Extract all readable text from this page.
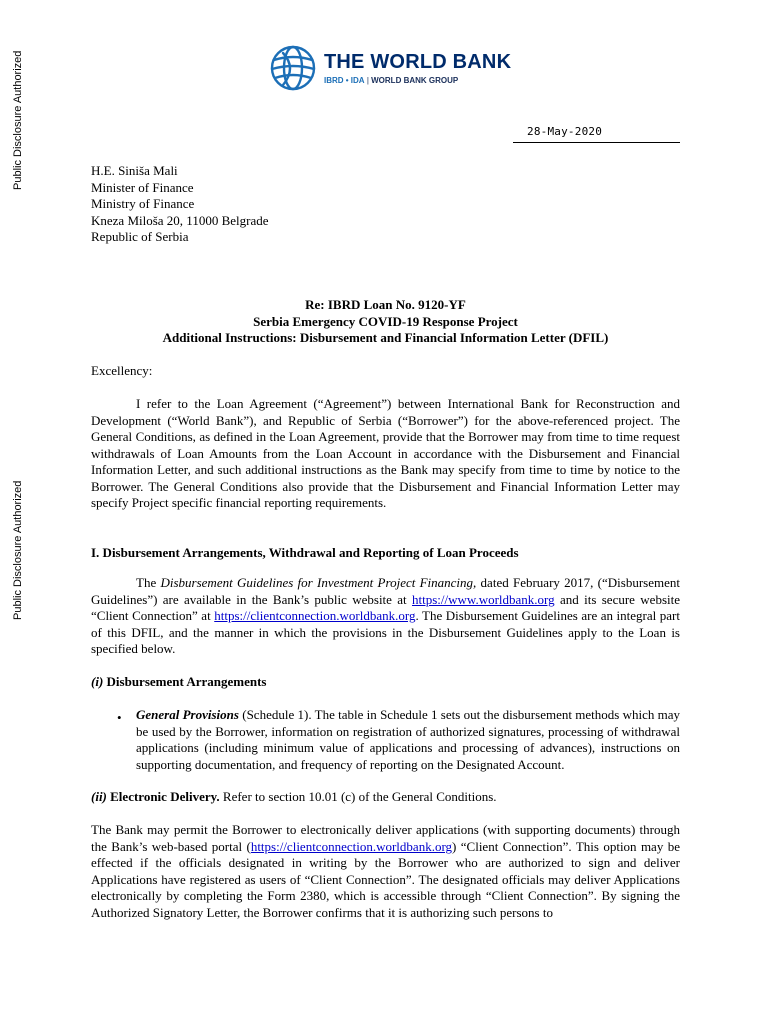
Public Disclosure Authorized
Public Disclosure Authorized
THE WORLD BANK
IBRD • IDA | WORLD BANK GROUP
28-May-2020
H.E. Siniša Mali
Minister of Finance
Ministry of Finance
Kneza Miloša 20, 11000 Belgrade
Republic of Serbia
Re: IBRD Loan No. 9120-YF
Serbia Emergency COVID-19 Response Project
Additional Instructions: Disbursement and Financial Information Letter (DFIL)
Excellency:
I refer to the Loan Agreement (“Agreement”) between International Bank for Reconstruction and Development (“World Bank”), and Republic of Serbia (“Borrower”) for the above-referenced project. The General Conditions, as defined in the Loan Agreement, provide that the Borrower may from time to time request withdrawals of Loan Amounts from the Loan Account in accordance with the Disbursement and Financial Information Letter, and such additional instructions as the Bank may specify from time to time by notice to the Borrower. The General Conditions also provide that the Disbursement and Financial Information Letter may specify Project specific financial reporting requirements.
I. Disbursement Arrangements, Withdrawal and Reporting of Loan Proceeds
The Disbursement Guidelines for Investment Project Financing, dated February 2017, (“Disbursement Guidelines”) are available in the Bank’s public website at https://www.worldbank.org and its secure website “Client Connection” at https://clientconnection.worldbank.org. The Disbursement Guidelines are an integral part of this DFIL, and the manner in which the provisions in the Disbursement Guidelines apply to the Loan is specified below.
(i) Disbursement Arrangements
• General Provisions (Schedule 1). The table in Schedule 1 sets out the disbursement methods which may be used by the Borrower, information on registration of authorized signatures, processing of withdrawal applications (including minimum value of applications and processing of advances), instructions on supporting documentation, and frequency of reporting on the Designated Account.
(ii) Electronic Delivery. Refer to section 10.01 (c) of the General Conditions.
The Bank may permit the Borrower to electronically deliver applications (with supporting documents) through the Bank’s web-based portal (https://clientconnection.worldbank.org) “Client Connection”. This option may be effected if the officials designated in writing by the Borrower who are authorized to sign and deliver Applications have registered as users of “Client Connection”. The designated officials may deliver Applications electronically by completing the Form 2380, which is accessible through “Client Connection”. By signing the Authorized Signatory Letter, the Borrower confirms that it is authorizing such persons to
